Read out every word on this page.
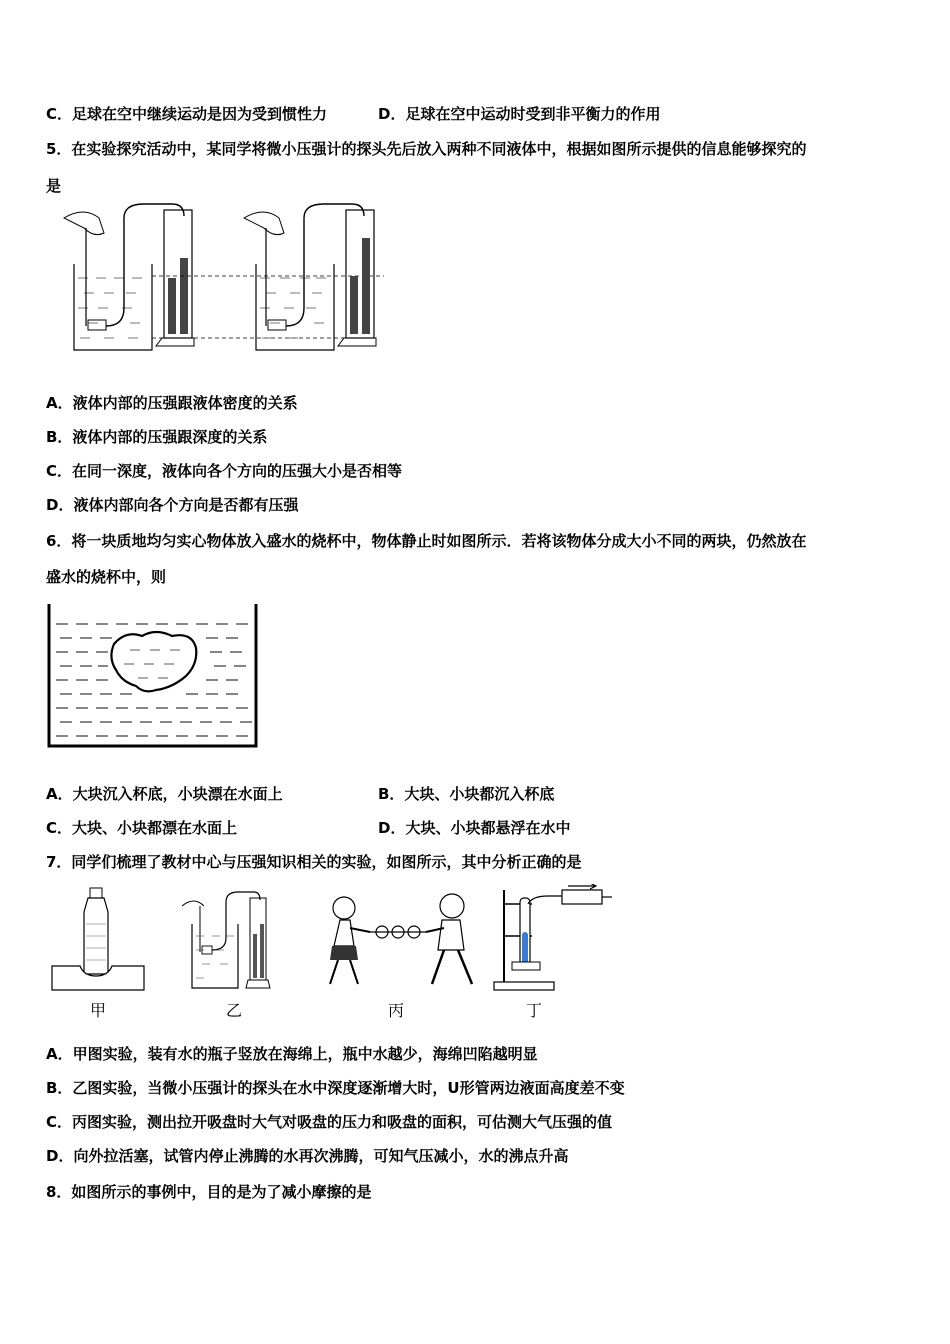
C．足球在空中继续运动是因为受到惯性力	D．足球在空中运动时受到非平衡力的作用
5．在实验探究活动中，某同学将微小压强计的探头先后放入两种不同液体中，根据如图所示提供的信息能够探究的
是
A．液体内部的压强跟液体密度的关系
B．液体内部的压强跟深度的关系
C．在同一深度，液体向各个方向的压强大小是否相等
D．液体内部向各个方向是否都有压强
6．将一块质地均匀实心物体放入盛水的烧杯中，物体静止时如图所示．若将该物体分成大小不同的两块，仍然放在
盛水的烧杯中，则
A．大块沉入杯底，小块漂在水面上	B．大块、小块都沉入杯底
C．大块、小块都漂在水面上	D．大块、小块都悬浮在水中
7．同学们梳理了教材中心与压强知识相关的实验，如图所示，其中分析正确的是
甲	乙	丙	丁
A．甲图实验，装有水的瓶子竖放在海绵上，瓶中水越少，海绵凹陷越明显
B．乙图实验，当微小压强计的探头在水中深度逐渐增大时，U形管两边液面高度差不变
C．丙图实验，测出拉开吸盘时大气对吸盘的压力和吸盘的面积，可估测大气压强的值
D．向外拉活塞，试管内停止沸腾的水再次沸腾，可知气压减小，水的沸点升高
8．如图所示的事例中，目的是为了减小摩擦的是
